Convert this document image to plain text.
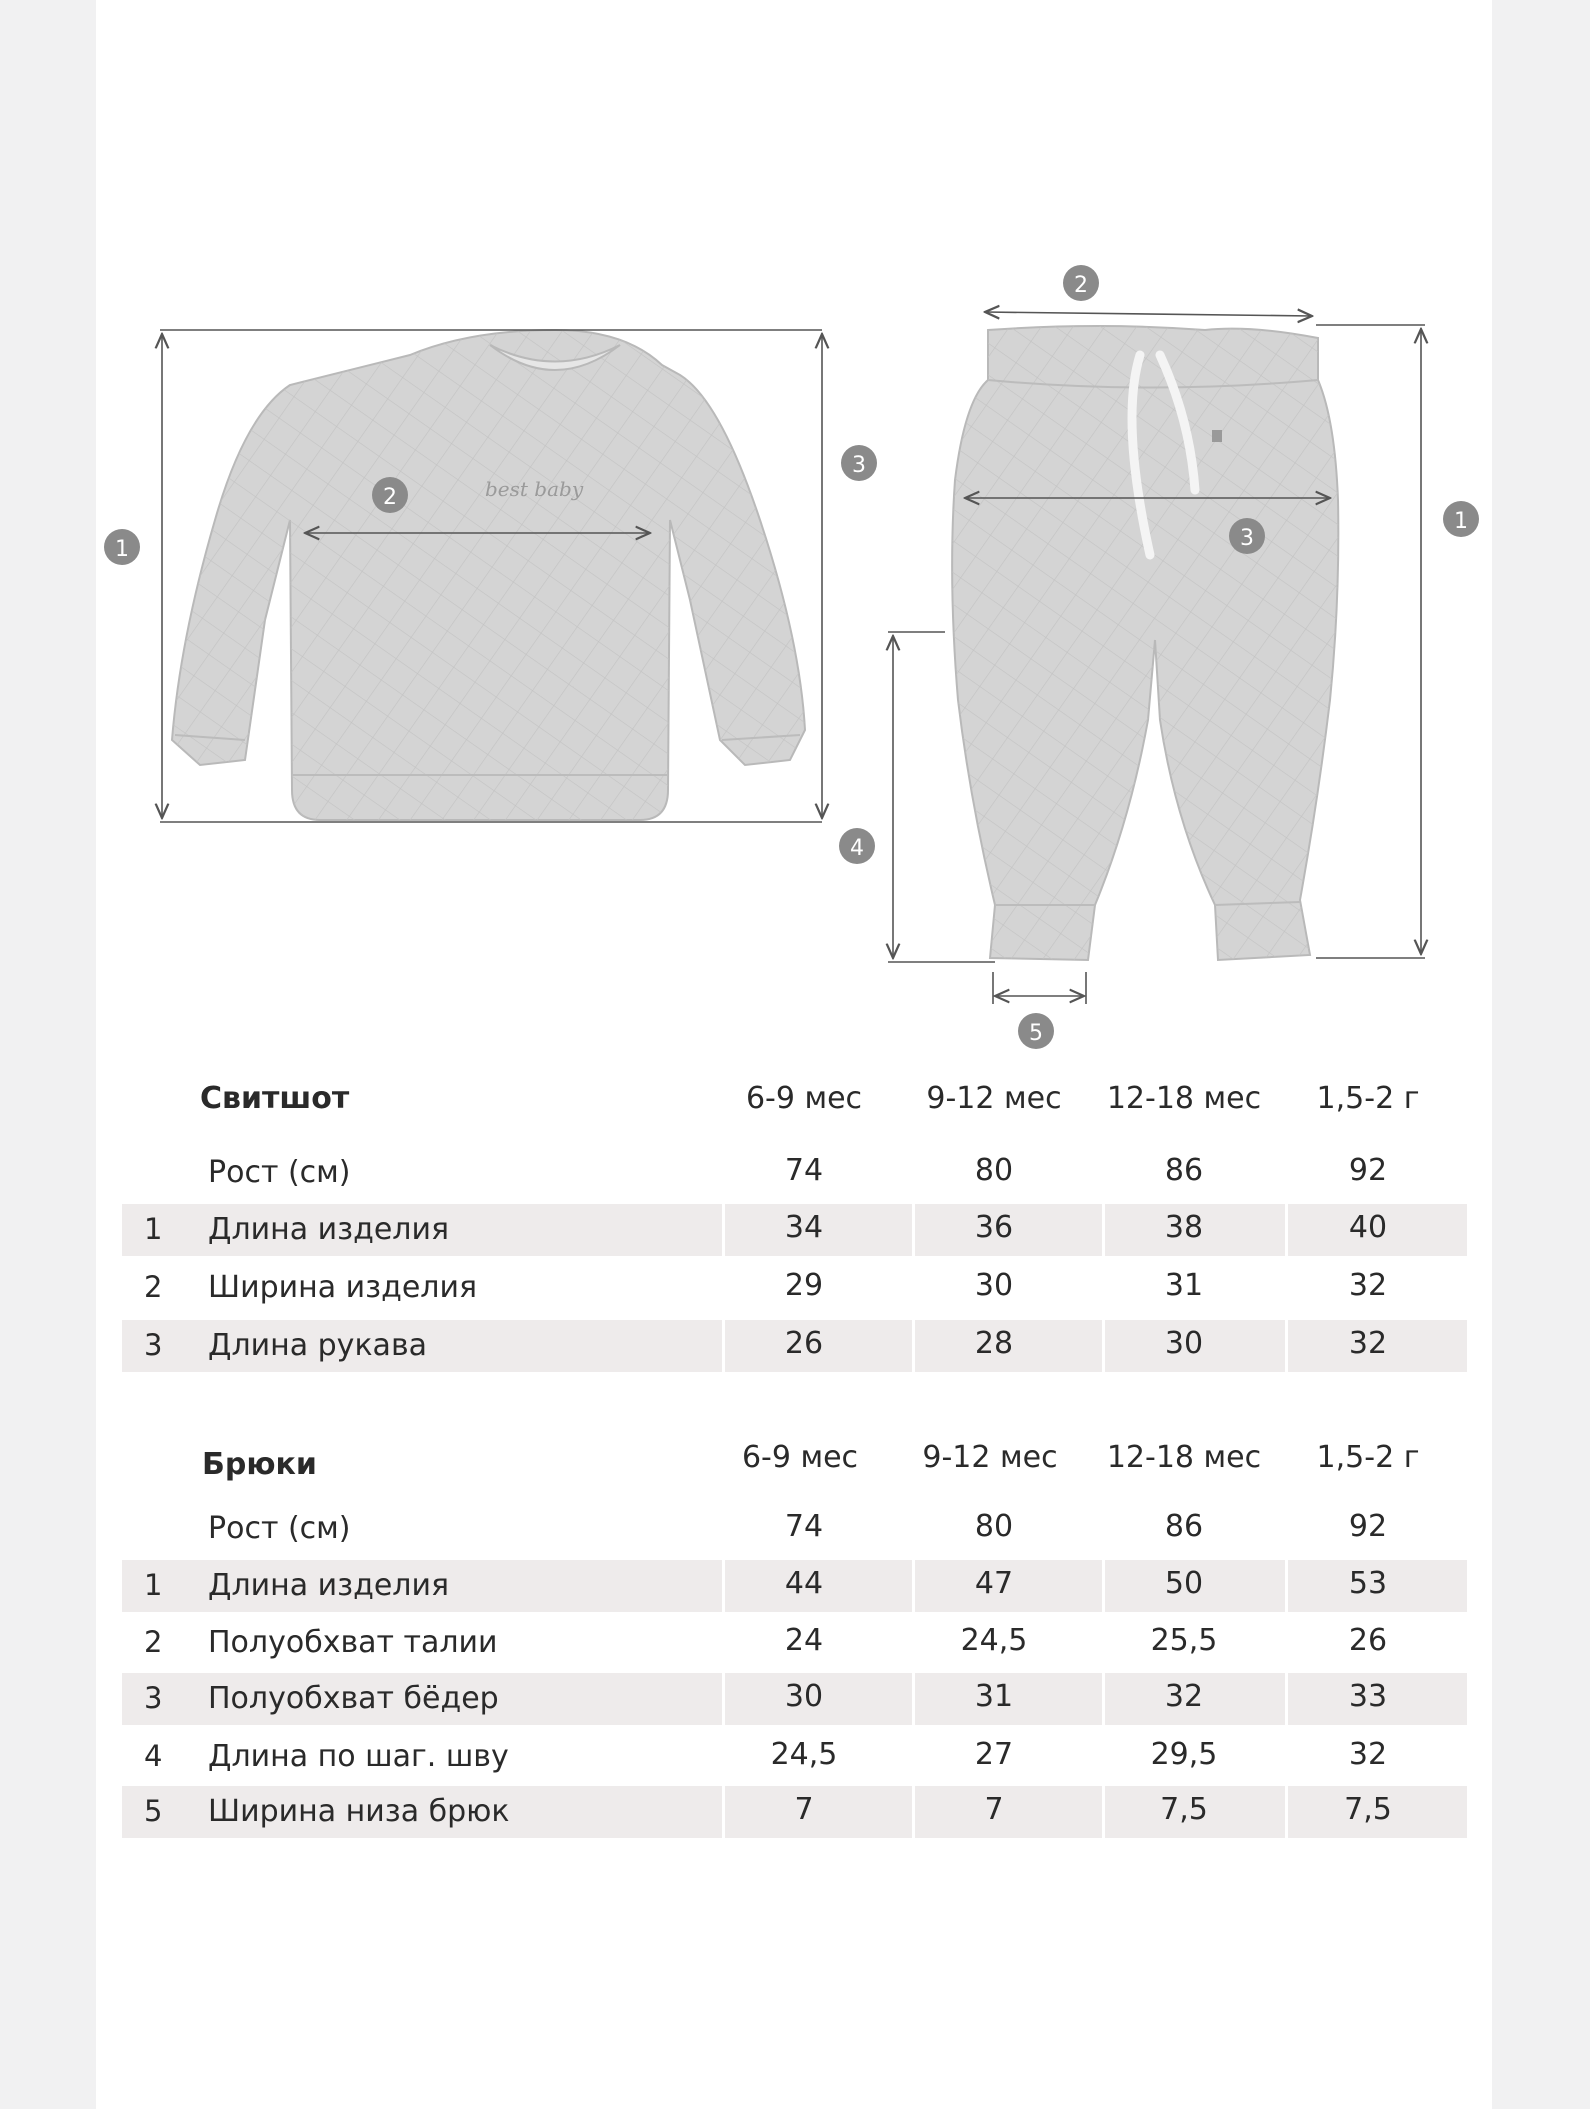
best baby
1
2
3
1
2
3
4
5
Свитшот	6-9 мес	9-12 мес	12-18 мес	1,5-2 г
Рост (см)	74	80	86	92
1	Длина изделия	34	36	38	40
2	Ширина изделия	29	30	31	32
3	Длина рукава	26	28	30	32
Брюки	6-9 мес	9-12 мес	12-18 мес	1,5-2 г
Рост (см)	74	80	86	92
1	Длина изделия	44	47	50	53
2	Полуобхват талии	24	24,5	25,5	26
3	Полуобхват бёдер	30	31	32	33
4	Длина по шаг. шву	24,5	27	29,5	32
5	Ширина низа брюк	7	7	7,5	7,5
